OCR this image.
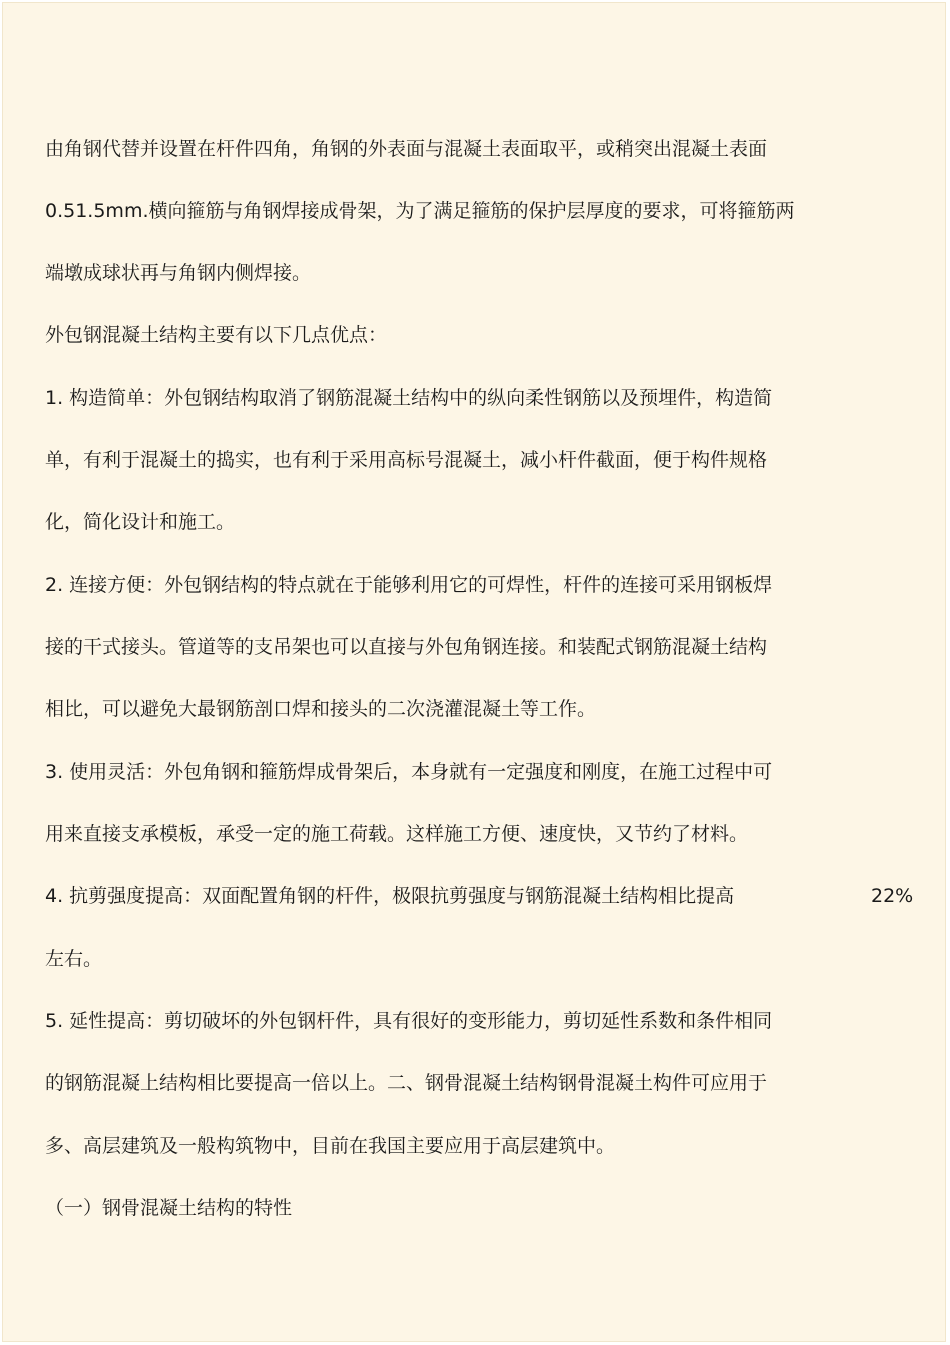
由角钢代替并设置在杆件四角，角钢的外表面与混凝土表面取平，或稍突出混凝土表面
0.51.5mm.横向箍筋与角钢焊接成骨架，为了满足箍筋的保护层厚度的要求，可将箍筋两
端墩成球状再与角钢内侧焊接。
外包钢混凝土结构主要有以下几点优点：
1. 构造简单：外包钢结构取消了钢筋混凝土结构中的纵向柔性钢筋以及预埋件，构造简
单，有利于混凝土的捣实，也有利于采用高标号混凝土，减小杆件截面，便于构件规格
化，简化设计和施工。
2. 连接方便：外包钢结构的特点就在于能够利用它的可焊性，杆件的连接可采用钢板焊
接的干式接头。管道等的支吊架也可以直接与外包角钢连接。和装配式钢筋混凝土结构
相比，可以避免大最钢筋剖口焊和接头的二次浇灌混凝土等工作。
3. 使用灵活：外包角钢和箍筋焊成骨架后，本身就有一定强度和刚度，在施工过程中可
用来直接支承模板，承受一定的施工荷载。这样施工方便、速度快，又节约了材料。
4. 抗剪强度提高：双面配置角钢的杆件，极限抗剪强度与钢筋混凝土结构相比提高	22%
左右。
5. 延性提高：剪切破坏的外包钢杆件，具有很好的变形能力，剪切延性系数和条件相同
的钢筋混凝上结构相比要提高一倍以上。二、钢骨混凝土结构钢骨混凝土构件可应用于
多、高层建筑及一般构筑物中，目前在我国主要应用于高层建筑中。
（一）钢骨混凝土结构的特性
